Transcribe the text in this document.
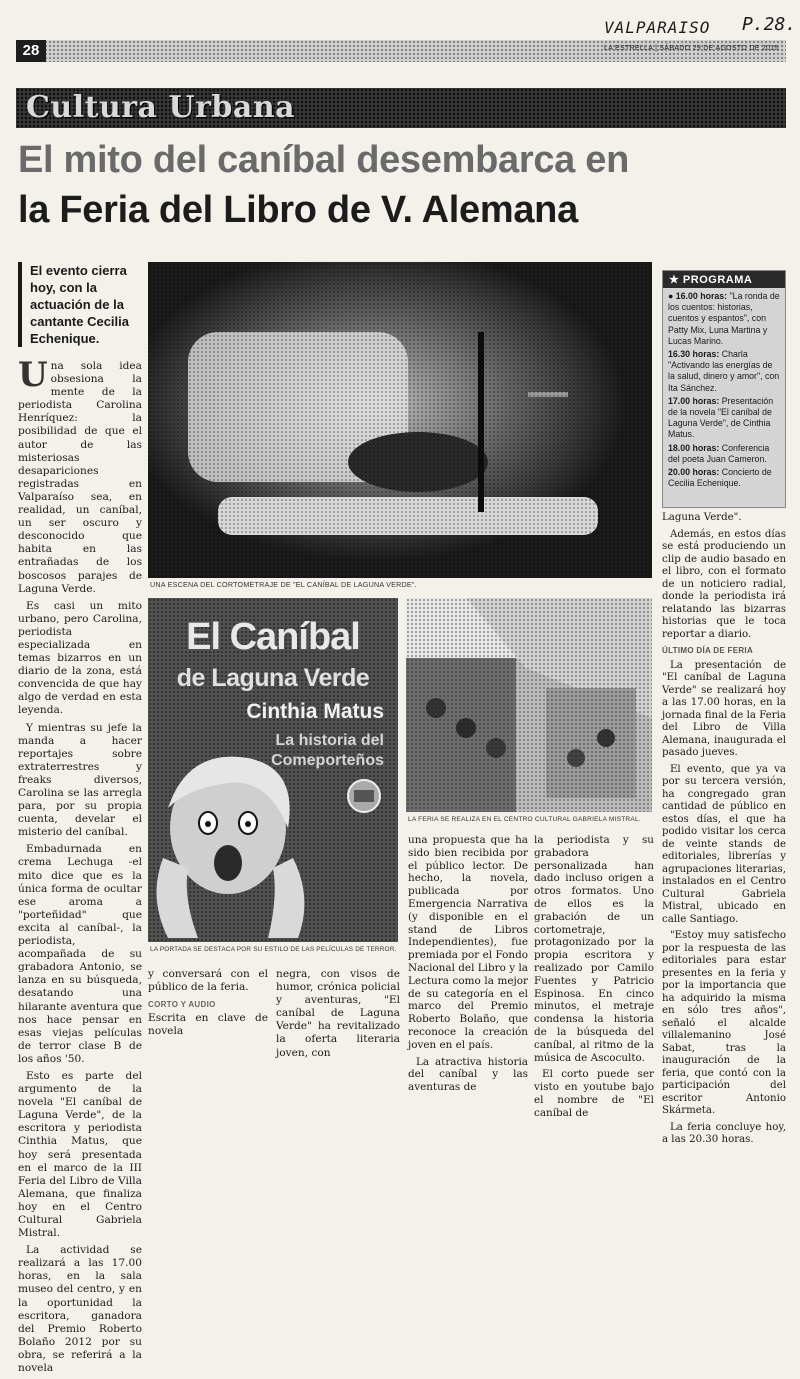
VALPARAISO P.28.
28	LA ESTRELLA | SÁBADO 29 DE AGOSTO DE 2015
Cultura Urbana
El mito del caníbal desembarca en
la Feria del Libro de V. Alemana
El evento cierra hoy, con la actuación de la cantante Cecilia Echenique.

U na sola idea obsesiona la mente de la periodista Carolina Henríquez: la posibilidad de que el autor de las misteriosas desapariciones registradas en Valparaíso sea, en realidad, un caníbal, un ser oscuro y desconocido que habita en las entrañadas de los boscosos parajes de Laguna Verde.

Es casi un mito urbano, pero Carolina, periodista especializada en temas bizarros en un diario de la zona, está convencida de que hay algo de verdad en esta leyenda.

Y mientras su jefe la manda a hacer reportajes sobre extraterrestres y freaks diversos, Carolina se las arregla para, por su propia cuenta, develar el misterio del caníbal.

Embadurnada en crema Lechuga -el mito dice que es la única forma de ocultar ese aroma a "porteñidad" que excita al caníbal-, la periodista, acompañada de su grabadora Antonio, se lanza en su búsqueda, desatando una hilarante aventura que nos hace pensar en esas viejas películas de terror clase B de los años '50.

Esto es parte del argumento de la novela "El caníbal de Laguna Verde", de la escritora y periodista Cinthia Matus, que hoy será presentada en el marco de la III Feria del Libro de Villa Alemana, que finaliza hoy en el Centro Cultural Gabriela Mistral.

La actividad se realizará a las 17.00 horas, en la sala museo del centro, y en la oportunidad la escritora, ganadora del Premio Roberto Bolaño 2012 por su obra, se referirá a la novela

UNA ESCENA DEL CORTOMETRAJE DE "EL CANÍBAL DE LAGUNA VERDE".
★ PROGRAMA
● 16.00 horas: "La ronda de los cuentos: historias, cuentos y espantos", con Patty Mix, Luna Martina y Lucas Marino.
16.30 horas: Charla "Activando las energías de la salud, dinero y amor", con Ita Sánchez.
17.00 horas: Presentación de la novela "El caníbal de Laguna Verde", de Cinthia Matus.
18.00 horas: Conferencia del poeta Juan Cameron.
20.00 horas: Concierto de Cecilia Echenique.

Laguna Verde".

Además, en estos días se está produciendo un clip de audio basado en el libro, con el formato de un noticiero radial, donde la periodista irá relatando las bizarras historias que le toca reportar a diario.

ÚLTIMO DÍA DE FERIA

La presentación de "El caníbal de Laguna Verde" se realizará hoy a las 17.00 horas, en la jornada final de la Feria del Libro de Villa Alemana, inaugurada el pasado jueves.

El evento, que ya va por su tercera versión, ha congregado gran cantidad de público en estos días, el que ha podido visitar los cerca de veinte stands de editoriales, librerías y agrupaciones literarias, instalados en el Centro Cultural Gabriela Mistral, ubicado en calle Santiago.

"Estoy muy satisfecho por la respuesta de las editoriales para estar presentes en la feria y por la importancia que ha adquirido la misma en sólo tres años", señaló el alcalde villalemanino José Sabat, tras la inauguración de la feria, que contó con la participación del escritor Antonio Skármeta.

La feria concluye hoy, a las 20.30 horas.

El Caníbal
de Laguna Verde
Cinthia Matus
La historia del
Comeporteños
LA PORTADA SE DESTACA POR SU ESTILO DE LAS PELÍCULAS DE TERROR.
LA FERIA SE REALIZA EN EL CENTRO CULTURAL GABRIELA MISTRAL.

y conversará con el público de la feria.

CORTO Y AUDIO

Escrita en clave de novela

negra, con visos de humor, crónica policial y aventuras, "El caníbal de Laguna Verde" ha revitalizado la oferta literaria joven, con

una propuesta que ha sido bien recibida por el público lector. De hecho, la novela, publicada por Emergencia Narrativa (y disponible en el stand de Libros Independientes), fue premiada por el Fondo Nacional del Libro y la Lectura como la mejor de su categoría en el marco del Premio Roberto Bolaño, que reconoce la creación joven en el país.

La atractiva historia del caníbal y las aventuras de

la periodista y su grabadora personalizada han dado incluso origen a otros formatos. Uno de ellos es la grabación de un cortometraje, protagonizado por la propia escritora y realizado por Camilo Fuentes y Patricio Espinosa. En cinco minutos, el metraje condensa la historia de la búsqueda del caníbal, al ritmo de la música de Ascoculto.

El corto puede ser visto en youtube bajo el nombre de "El caníbal de
